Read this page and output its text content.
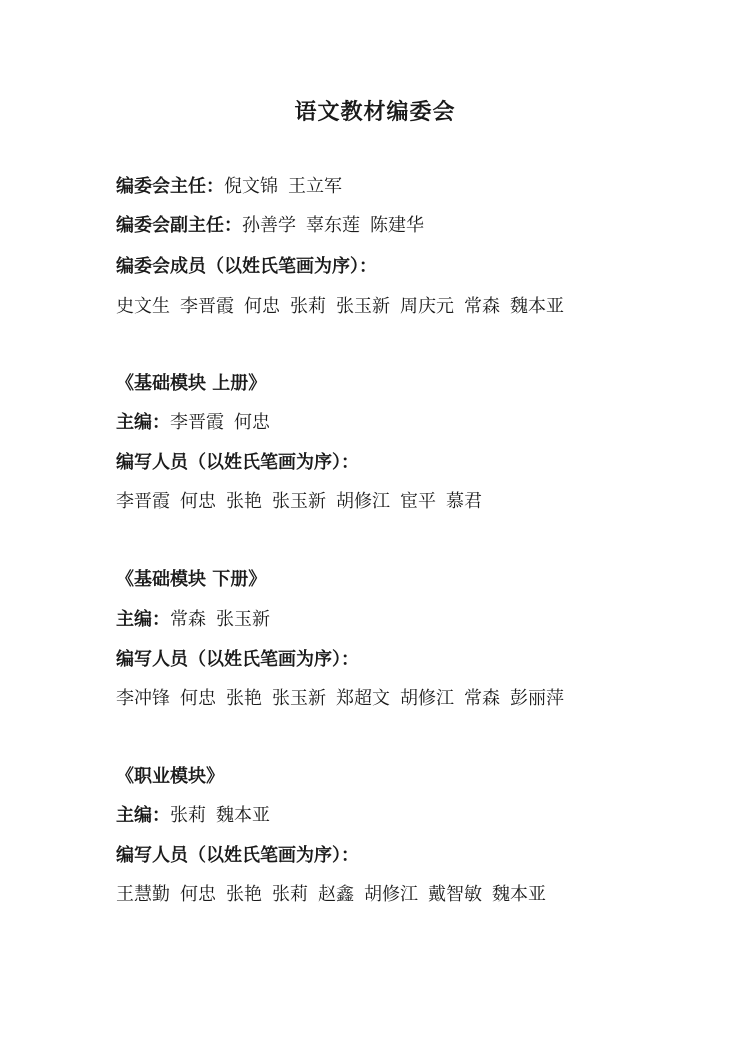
语文教材编委会

编委会主任：倪文锦 王立军

编委会副主任：孙善学 辜东莲 陈建华

编委会成员（以姓氏笔画为序）：

史文生 李晋霞 何忠 张莉 张玉新 周庆元 常森 魏本亚

《基础模块 上册》

主编：李晋霞 何忠

编写人员（以姓氏笔画为序）：

李晋霞 何忠 张艳 张玉新 胡修江 宦平 慕君

《基础模块 下册》

主编：常森 张玉新

编写人员（以姓氏笔画为序）：

李冲锋 何忠 张艳 张玉新 郑超文 胡修江 常森 彭丽萍

《职业模块》

主编：张莉 魏本亚

编写人员（以姓氏笔画为序）：

王慧勤 何忠 张艳 张莉 赵鑫 胡修江 戴智敏 魏本亚
